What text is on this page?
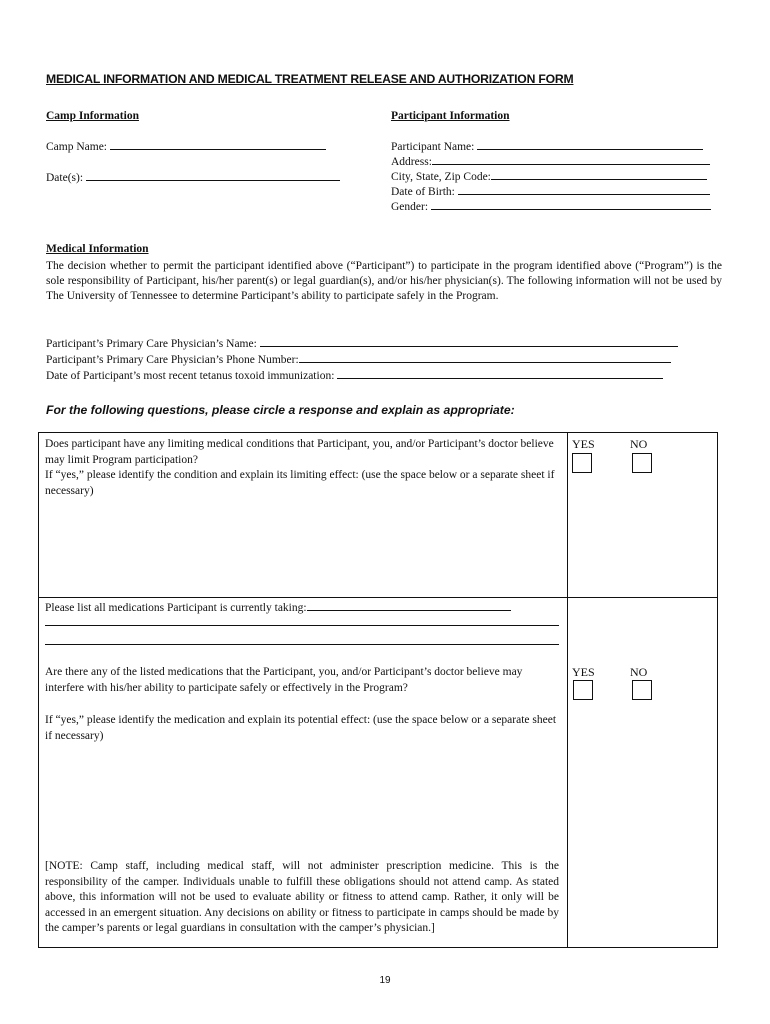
MEDICAL INFORMATION AND MEDICAL TREATMENT RELEASE AND AUTHORIZATION FORM
Camp Information
Camp Name:
Date(s):
Participant Information
Participant Name:
Address:
City, State, Zip Code:
Date of Birth:
Gender:
Medical Information

The decision whether to permit the participant identified above (“Participant”) to participate in the program identified above (“Program”) is the sole responsibility of Participant, his/her parent(s) or legal guardian(s), and/or his/her physician(s). The following information will not be used by The University of Tennessee to determine Participant’s ability to participate safely in the Program.

Participant’s Primary Care Physician’s Name:
Participant’s Primary Care Physician’s Phone Number:
Date of Participant’s most recent tetanus toxoid immunization:
For the following questions, please circle a response and explain as appropriate:
Does participant have any limiting medical conditions that Participant, you, and/or Participant’s doctor believe may limit Program participation?
If “yes,” please identify the condition and explain its limiting effect: (use the space below or a separate sheet if necessary)
YES	NO
Please list all medications Participant is currently taking:
Are there any of the listed medications that the Participant, you, and/or Participant’s doctor believe may interfere with his/her ability to participate safely or effectively in the Program?
If “yes,” please identify the medication and explain its potential effect: (use the space below or a separate sheet if necessary)
YES	NO
[NOTE: Camp staff, including medical staff, will not administer prescription medicine. This is the responsibility of the camper. Individuals unable to fulfill these obligations should not attend camp. As stated above, this information will not be used to evaluate ability or fitness to attend camp. Rather, it only will be accessed in an emergent situation. Any decisions on ability or fitness to participate in camps should be made by the camper’s parents or legal guardians in consultation with the camper’s physician.]
19
